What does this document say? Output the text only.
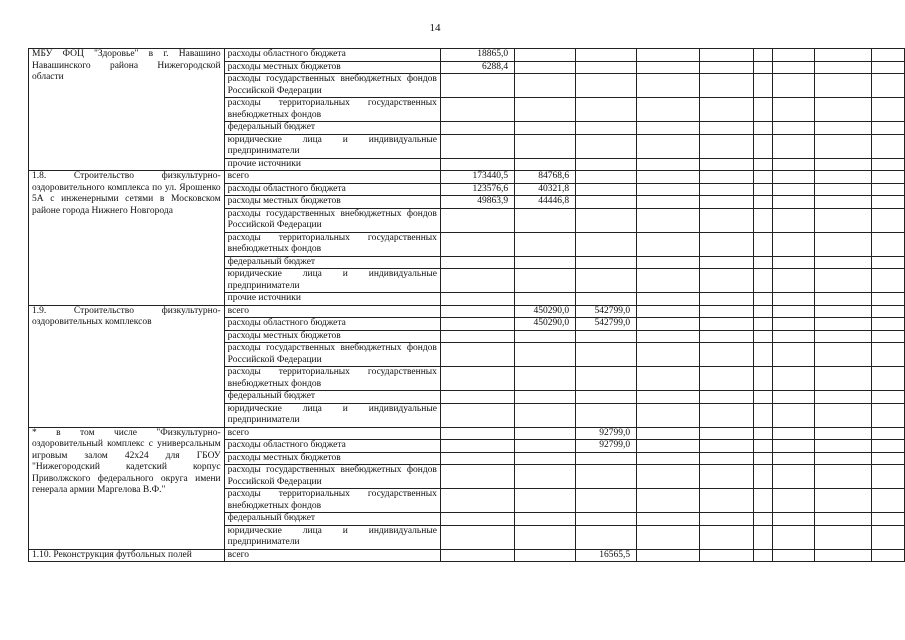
14
МБУ ФОЦ "Здоровье" в г. Навашино Навашинского района Нижегородской области	расходы областного бюджета	18865,0								
	расходы местных бюджетов	6288,4								
	расходы государственных внебюджетных фондов Российской Федерации									
	расходы территориальных государственных внебюджетных фондов									
	федеральный бюджет									
	юридические лица и индивидуальные предприниматели									
	прочие источники									
1.8. Строительство физкультурно-оздоровительного комплекса по ул. Ярошенко 5А с инженерными сетями в Московском районе города Нижнего Новгорода	всего	173440,5	84768,6							
	расходы областного бюджета	123576,6	40321,8							
	расходы местных бюджетов	49863,9	44446,8							
	расходы государственных внебюджетных фондов Российской Федерации									
	расходы территориальных государственных внебюджетных фондов									
	федеральный бюджет									
	юридические лица и индивидуальные предприниматели									
	прочие источники									
1.9. Строительство физкультурно-оздоровительных комплексов	всего		450290,0	542799,0						
	расходы областного бюджета		450290,0	542799,0						
	расходы местных бюджетов									
	расходы государственных внебюджетных фондов Российской Федерации									
	расходы территориальных государственных внебюджетных фондов									
	федеральный бюджет									
	юридические лица и индивидуальные предприниматели									
* в том числе "Физкультурно-оздоровительный комплекс с универсальным игровым залом 42х24 для ГБОУ "Нижегородский кадетский корпус Приволжского федерального округа имени генерала армии Маргелова В.Ф."	всего			92799,0						
	расходы областного бюджета			92799,0						
	расходы местных бюджетов									
	расходы государственных внебюджетных фондов Российской Федерации									
	расходы территориальных государственных внебюджетных фондов									
	федеральный бюджет									
	юридические лица и индивидуальные предприниматели									
1.10. Реконструкция футбольных полей	всего			16565,5						
